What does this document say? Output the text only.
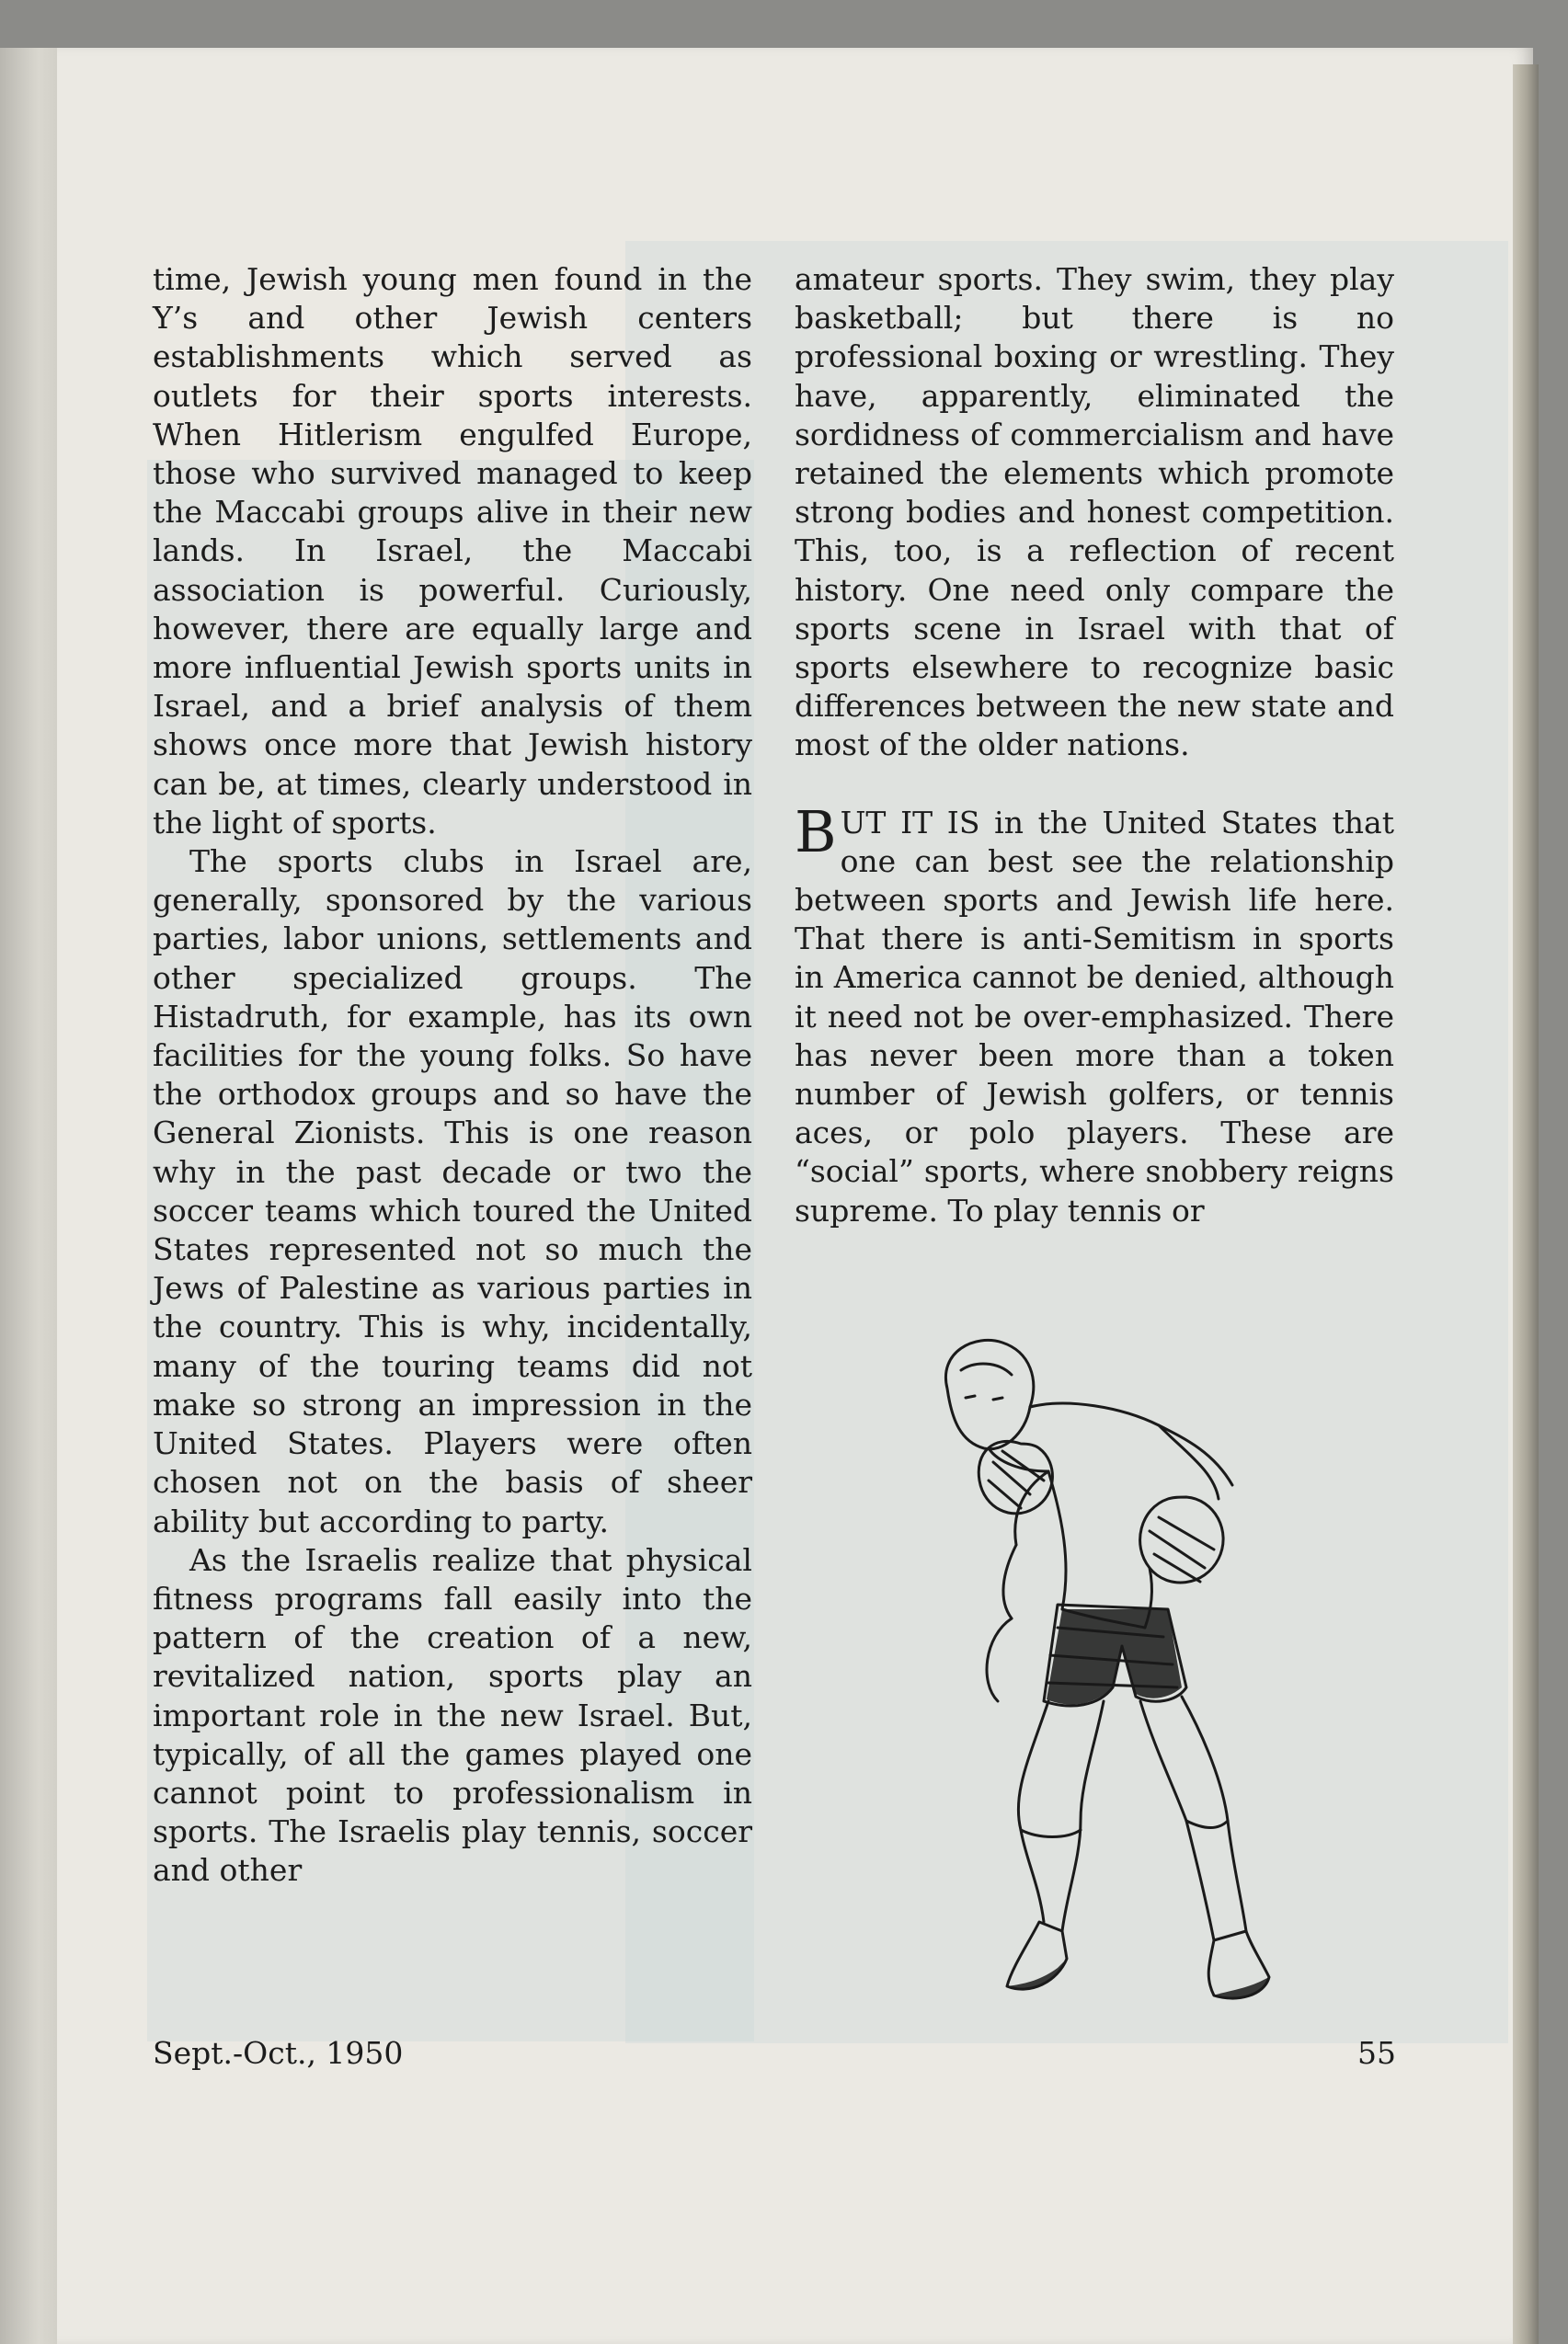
time, Jewish young men found in the Y’s and other Jewish centers establishments which served as outlets for their sports interests. When Hitlerism engulfed Europe, those who survived managed to keep the Maccabi groups alive in their new lands. In Israel, the Maccabi association is powerful. Curiously, however, there are equally large and more influential Jewish sports units in Israel, and a brief analysis of them shows once more that Jewish history can be, at times, clearly understood in the light of sports.

The sports clubs in Israel are, generally, sponsored by the various parties, labor unions, settlements and other specialized groups. The Histadruth, for example, has its own facilities for the young folks. So have the orthodox groups and so have the General Zionists. This is one reason why in the past decade or two the soccer teams which toured the United States represented not so much the Jews of Palestine as various parties in the country. This is why, incidentally, many of the touring teams did not make so strong an impression in the United States. Players were often chosen not on the basis of sheer ability but according to party.

As the Israelis realize that physical fitness programs fall easily into the pattern of the creation of a new, revitalized nation, sports play an important role in the new Israel. But, typically, of all the games played one cannot point to professionalism in sports. The Israelis play tennis, soccer and other

amateur sports. They swim, they play basketball; but there is no professional boxing or wrestling. They have, apparently, eliminated the sordidness of commercialism and have retained the elements which promote strong bodies and honest competition. This, too, is a reflection of recent history. One need only compare the sports scene in Israel with that of sports elsewhere to recognize basic differences between the new state and most of the older nations.

BUT IT IS in the United States that one can best see the relationship between sports and Jewish life here. That there is anti-Semitism in sports in America cannot be denied, although it need not be over-emphasized. There has never been more than a token number of Jewish golfers, or tennis aces, or polo players. These are “social” sports, where snobbery reigns supreme. To play tennis or

Sept.-Oct., 1950	55
